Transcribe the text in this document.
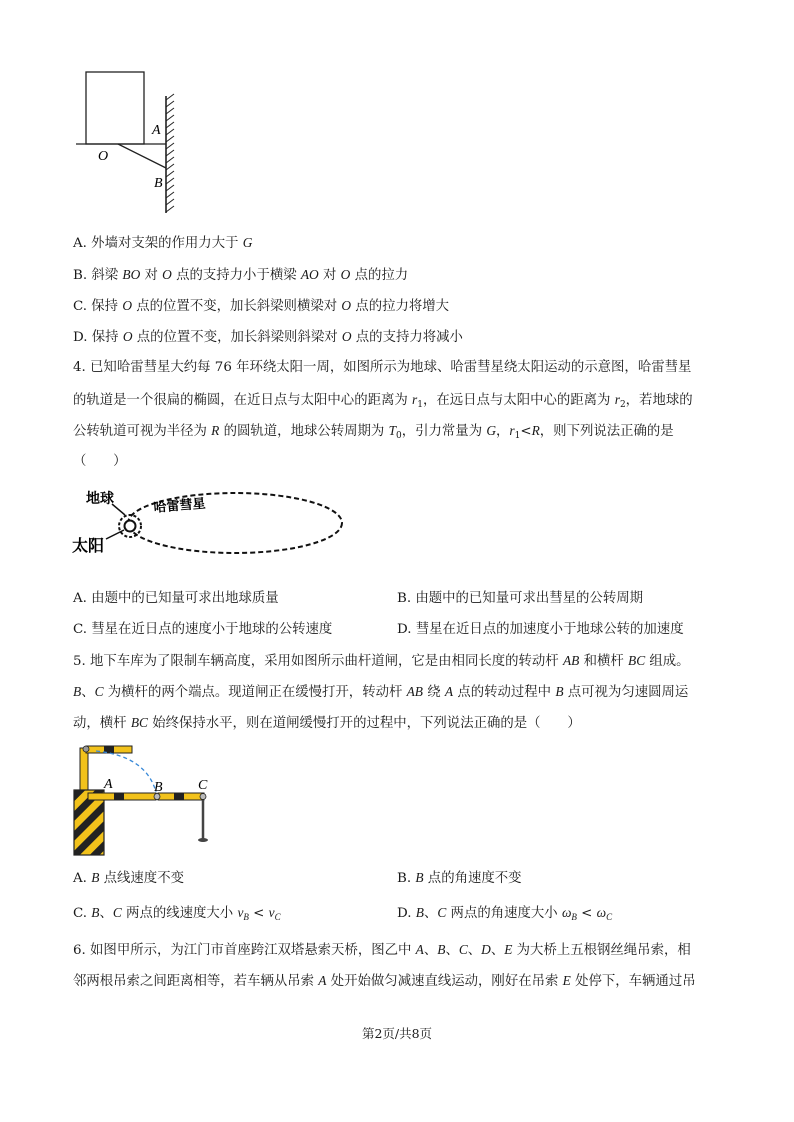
A
O
B
A. 外墙对支架的作用力大于 G
B. 斜梁 BO 对 O 点的支持力小于横梁 AO 对 O 点的拉力
C. 保持 O 点的位置不变，加长斜梁则横梁对 O 点的拉力将增大
D. 保持 O 点的位置不变，加长斜梁则斜梁对 O 点的支持力将减小
4. 已知哈雷彗星大约每 76 年环绕太阳一周，如图所示为地球、哈雷彗星绕太阳运动的示意图，哈雷彗星
的轨道是一个很扁的椭圆，在近日点与太阳中心的距离为 $r_1$，在远日点与太阳中心的距离为 $r_2$，若地球的
公转轨道可视为半径为 R 的圆轨道，地球公转周期为 $T_0$，引力常量为 G，$r_1<R$，则下列说法正确的是
（　　）
地球
太阳
哈雷彗星
A. 由题中的已知量可求出地球质量	B. 由题中的已知量可求出彗星的公转周期
C. 彗星在近日点的速度小于地球的公转速度	D. 彗星在近日点的加速度小于地球公转的加速度
5. 地下车库为了限制车辆高度，采用如图所示曲杆道闸，它是由相同长度的转动杆 AB 和横杆 BC 组成。
B、C 为横杆的两个端点。现道闸正在缓慢打开，转动杆 AB 绕 A 点的转动过程中 B 点可视为匀速圆周运
动，横杆 BC 始终保持水平，则在道闸缓慢打开的过程中，下列说法正确的是（　　）
A	B	C
A. B 点线速度不变	B. B 点的角速度不变
C. B、C 两点的线速度大小 $v_B < v_C$	D. B、C 两点的角速度大小 $\omega_B < \omega_C$
6. 如图甲所示，为江门市首座跨江双塔悬索天桥，图乙中 A、B、C、D、E 为大桥上五根钢丝绳吊索，相
邻两根吊索之间距离相等，若车辆从吊索 A 处开始做匀减速直线运动，刚好在吊索 E 处停下，车辆通过吊
第2页/共8页
